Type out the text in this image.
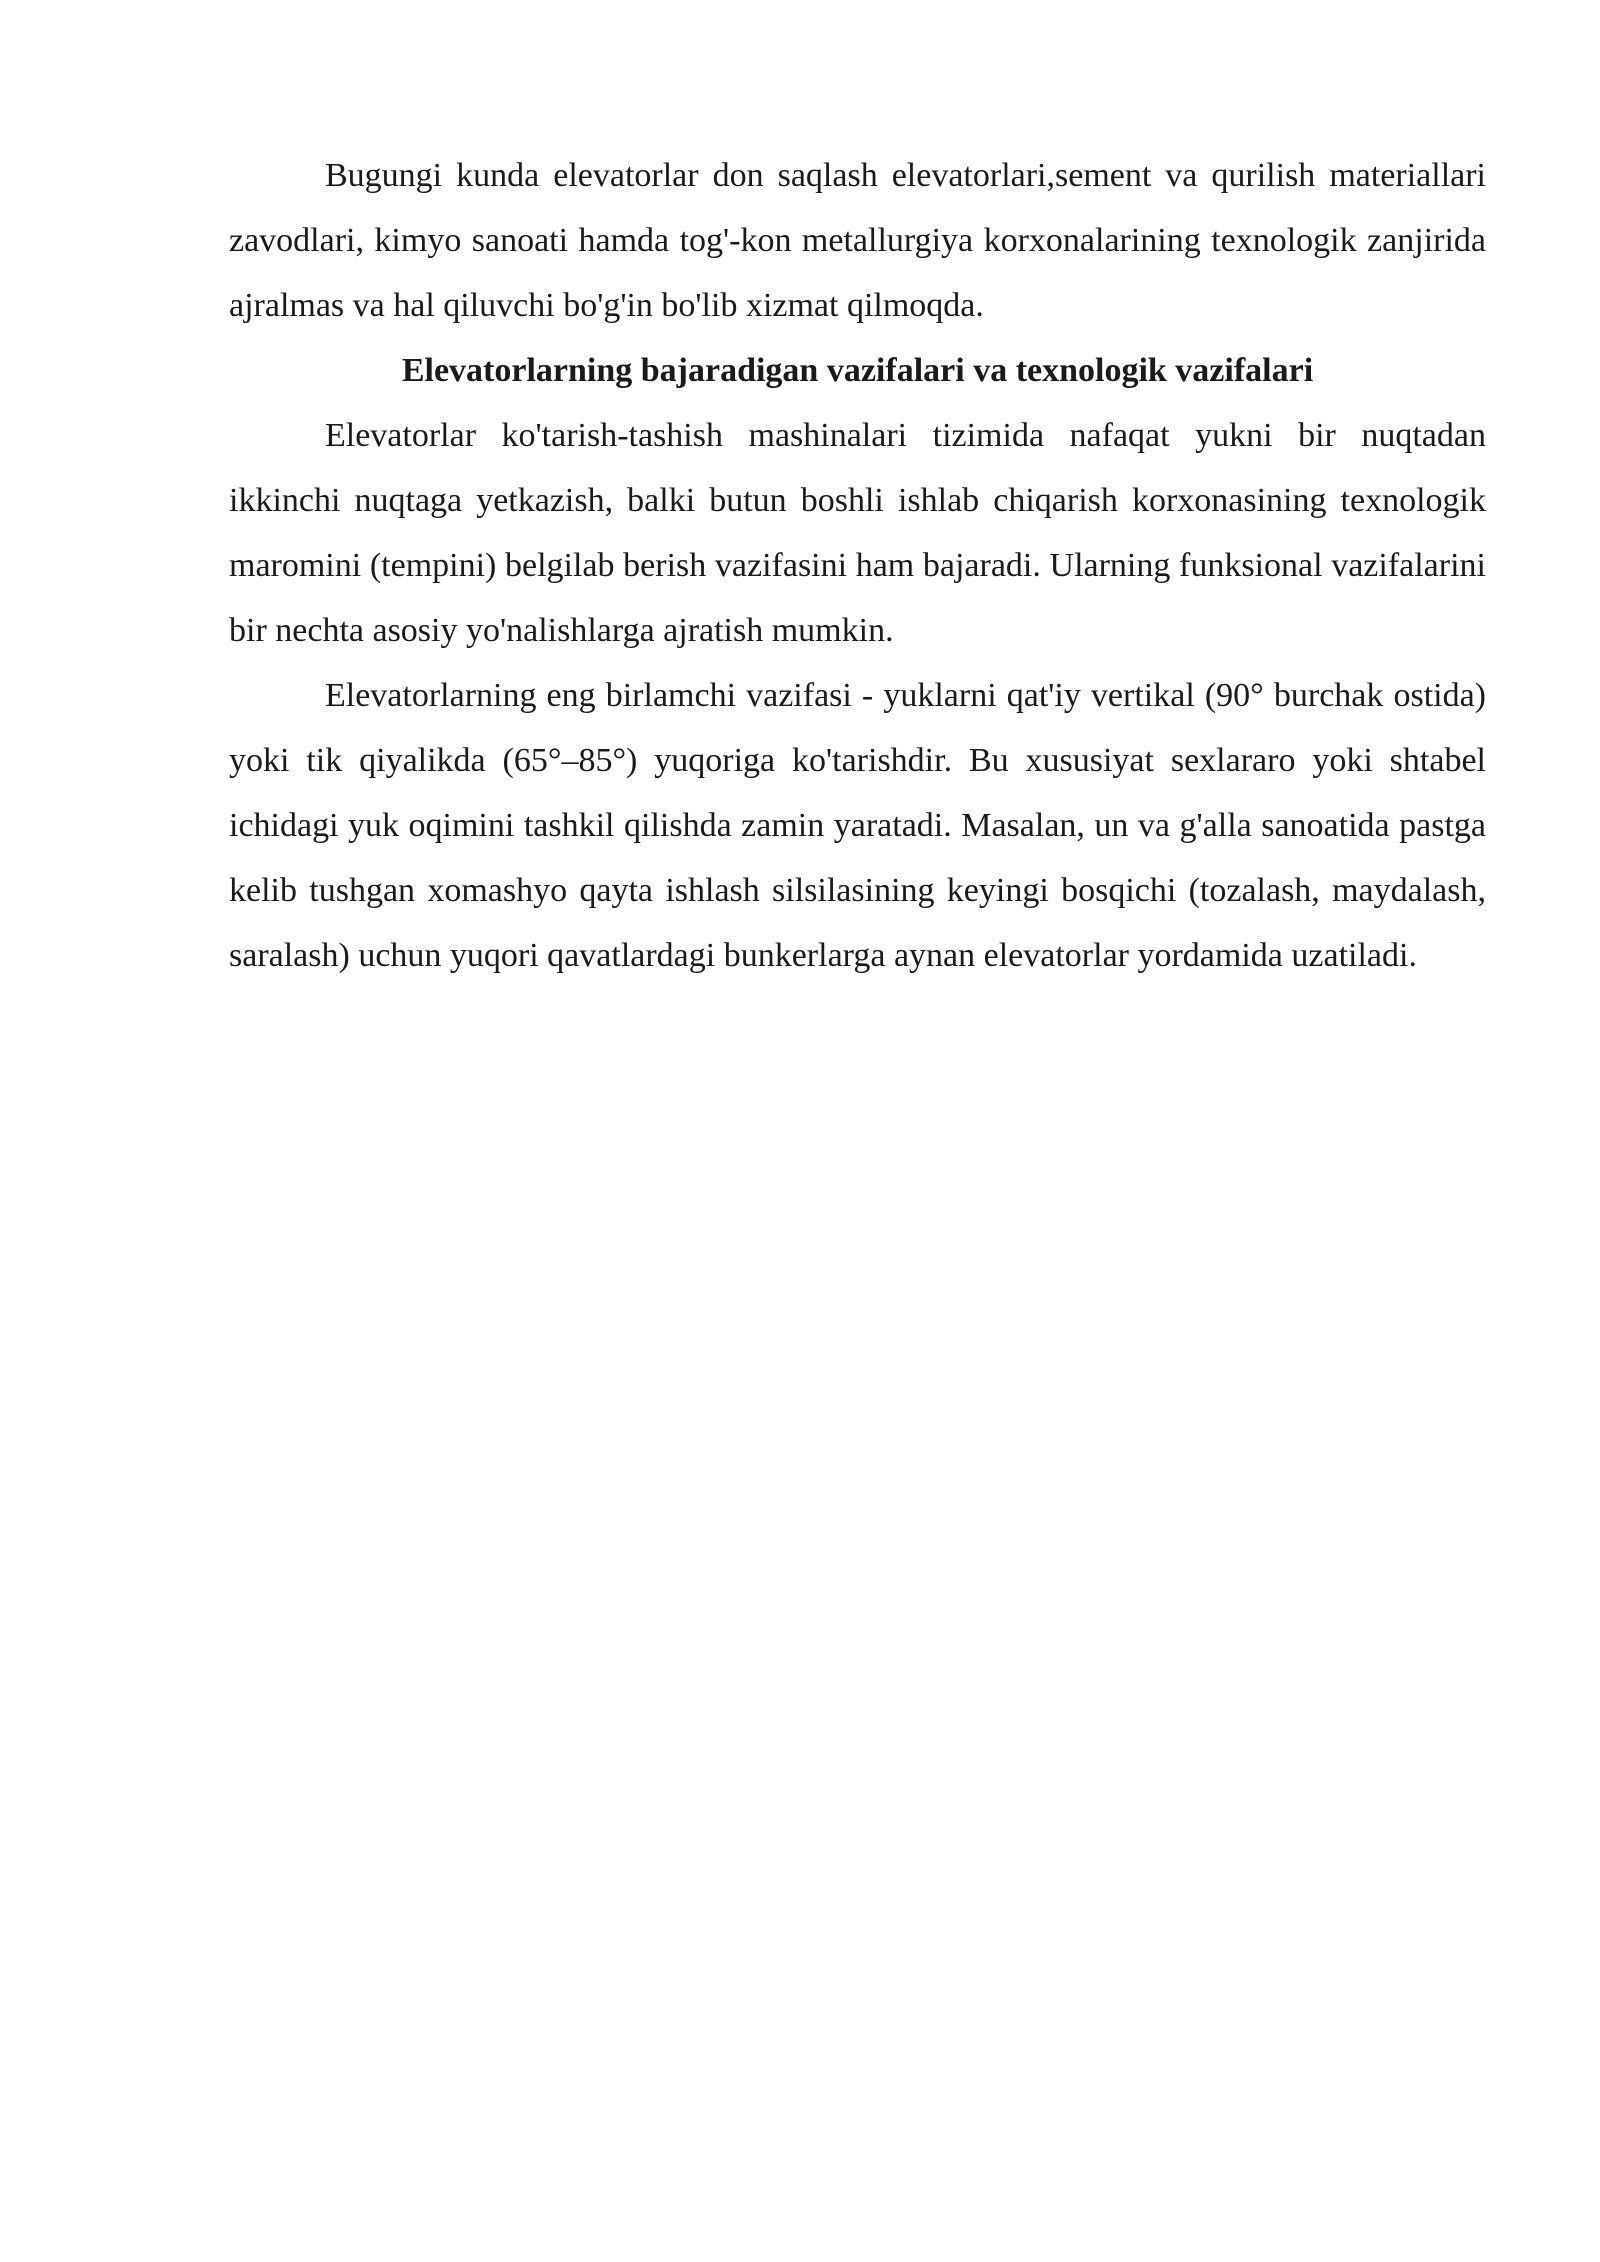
Bugungi kunda elevatorlar don saqlash elevatorlari,sement va qurilish materiallari zavodlari, kimyo sanoati hamda tog'-kon metallurgiya korxonalarining texnologik zanjirida ajralmas va hal qiluvchi bo'g'in bo'lib xizmat qilmoqda.

Elevatorlarning bajaradigan vazifalari va texnologik vazifalari

Elevatorlar ko'tarish-tashish mashinalari tizimida nafaqat yukni bir nuqtadan ikkinchi nuqtaga yetkazish, balki butun boshli ishlab chiqarish korxonasining texnologik maromini (tempini) belgilab berish vazifasini ham bajaradi. Ularning funksional vazifalarini bir nechta asosiy yo'nalishlarga ajratish mumkin.

Elevatorlarning eng birlamchi vazifasi - yuklarni qat'iy vertikal (90° burchak ostida) yoki tik qiyalikda (65°–85°) yuqoriga ko'tarishdir. Bu xususiyat sexlararo yoki shtabel ichidagi yuk oqimini tashkil qilishda zamin yaratadi. Masalan, un va g'alla sanoatida pastga kelib tushgan xomashyo qayta ishlash silsilasining keyingi bosqichi (tozalash, maydalash, saralash) uchun yuqori qavatlardagi bunkerlarga aynan elevatorlar yordamida uzatiladi.
